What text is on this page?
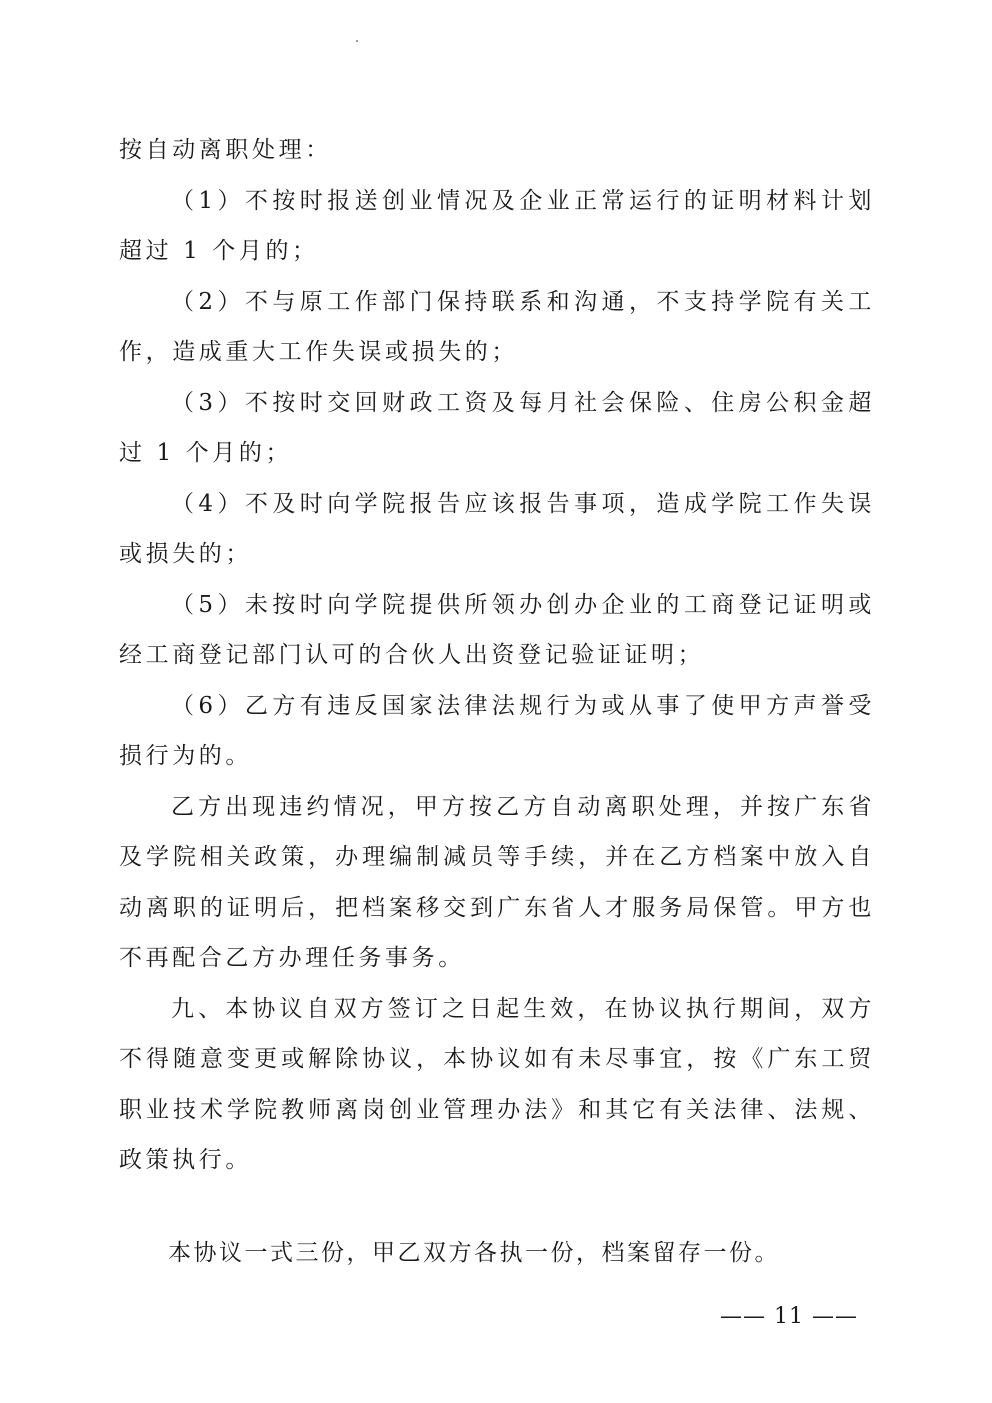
按自动离职处理：

（1）不按时报送创业情况及企业正常运行的证明材料计划超过 1 个月的；

（2）不与原工作部门保持联系和沟通，不支持学院有关工作，造成重大工作失误或损失的；

（3）不按时交回财政工资及每月社会保险、住房公积金超过 1 个月的；

（4）不及时向学院报告应该报告事项，造成学院工作失误或损失的；

（5）未按时向学院提供所领办创办企业的工商登记证明或经工商登记部门认可的合伙人出资登记验证证明；

（6）乙方有违反国家法律法规行为或从事了使甲方声誉受损行为的。

乙方出现违约情况，甲方按乙方自动离职处理，并按广东省及学院相关政策，办理编制减员等手续，并在乙方档案中放入自动离职的证明后，把档案移交到广东省人才服务局保管。甲方也不再配合乙方办理任务事务。

九、本协议自双方签订之日起生效，在协议执行期间，双方不得随意变更或解除协议，本协议如有未尽事宜，按《广东工贸职业技术学院教师离岗创业管理办法》和其它有关法律、法规、政策执行。

本协议一式三份，甲乙双方各执一份，档案留存一份。
—— 11 ——
